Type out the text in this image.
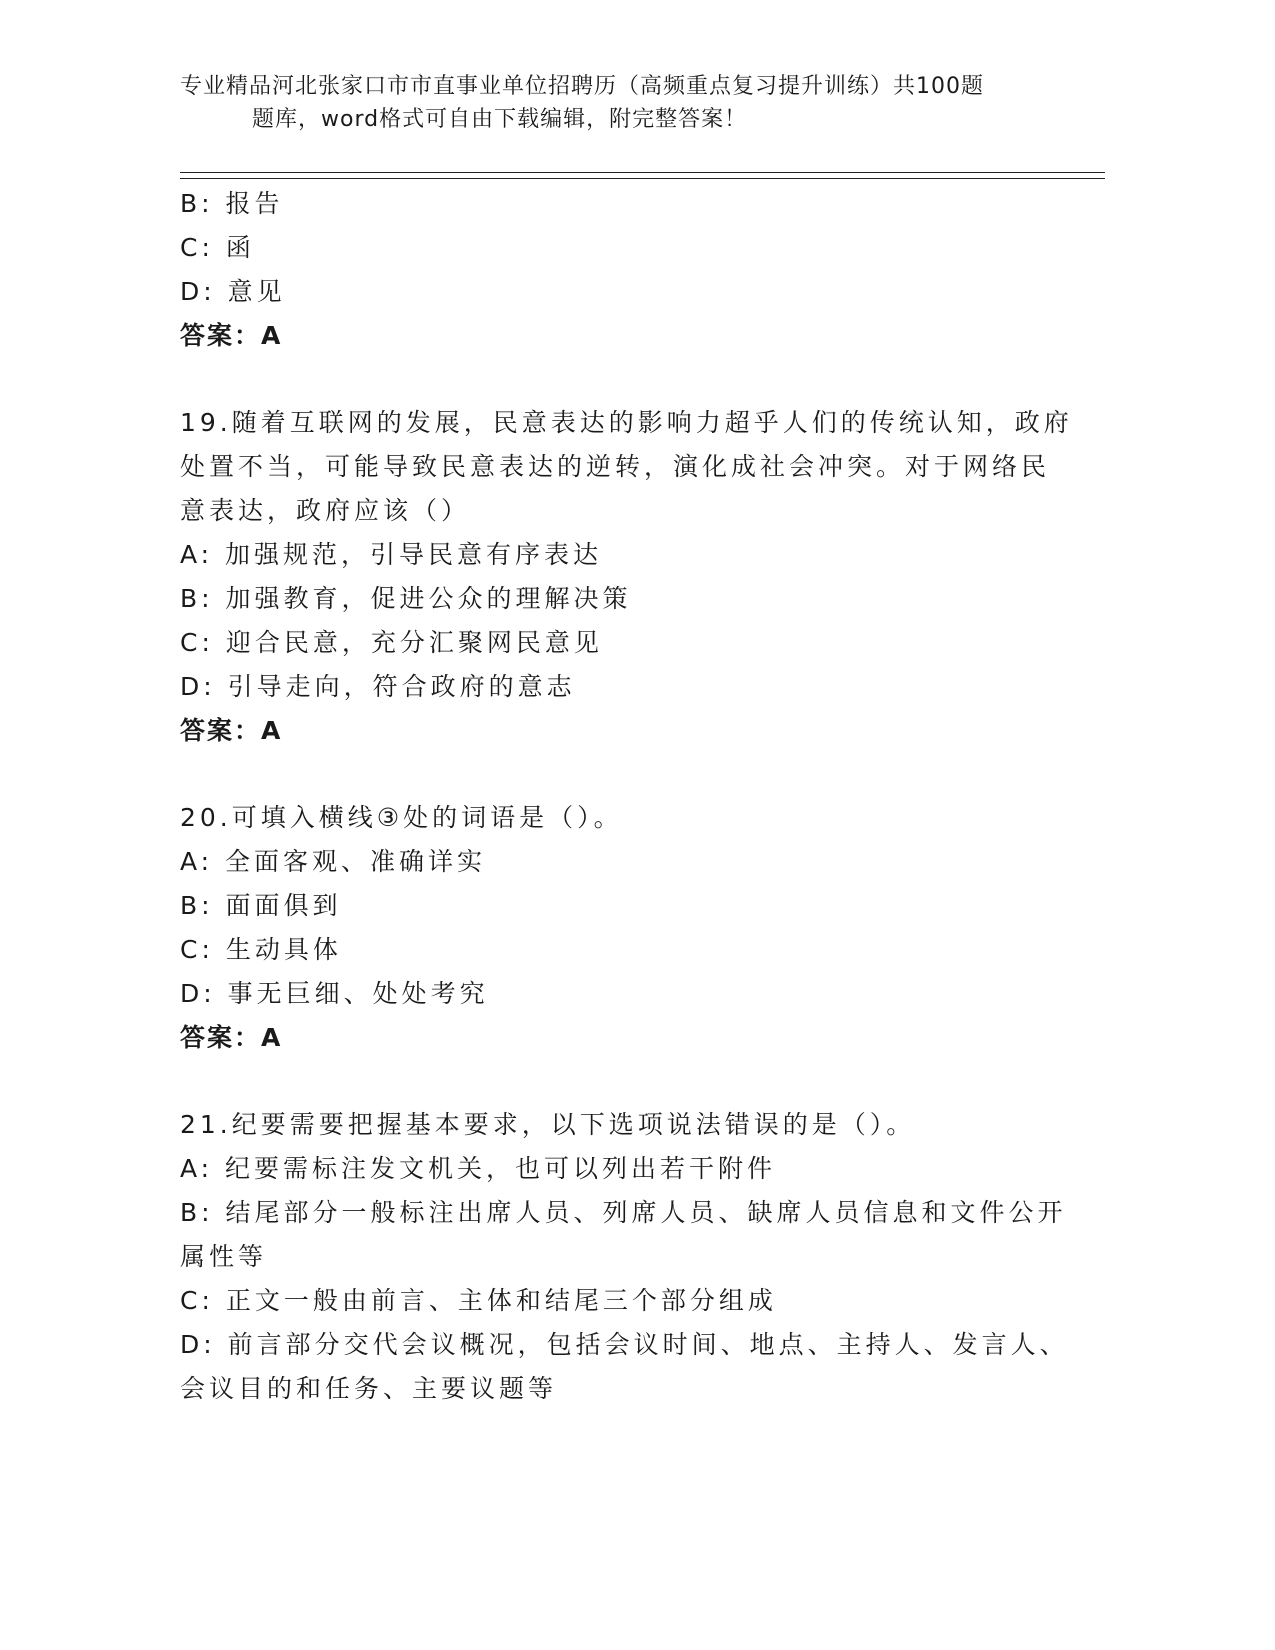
专业精品河北张家口市市直事业单位招聘历（高频重点复习提升训练）共100题
题库，word格式可自由下载编辑，附完整答案！
B: 报告
C: 函
D: 意见
答案：A
19.随着互联网的发展，民意表达的影响力超乎人们的传统认知，政府
处置不当，可能导致民意表达的逆转，演化成社会冲突。对于网络民
意表达，政府应该（）
A: 加强规范，引导民意有序表达
B: 加强教育，促进公众的理解决策
C: 迎合民意，充分汇聚网民意见
D: 引导走向，符合政府的意志
答案：A
20.可填入横线③处的词语是（）。
A: 全面客观、准确详实
B: 面面俱到
C: 生动具体
D: 事无巨细、处处考究
答案：A
21.纪要需要把握基本要求，以下选项说法错误的是（）。
A: 纪要需标注发文机关，也可以列出若干附件
B: 结尾部分一般标注出席人员、列席人员、缺席人员信息和文件公开
属性等
C: 正文一般由前言、主体和结尾三个部分组成
D: 前言部分交代会议概况，包括会议时间、地点、主持人、发言人、
会议目的和任务、主要议题等
